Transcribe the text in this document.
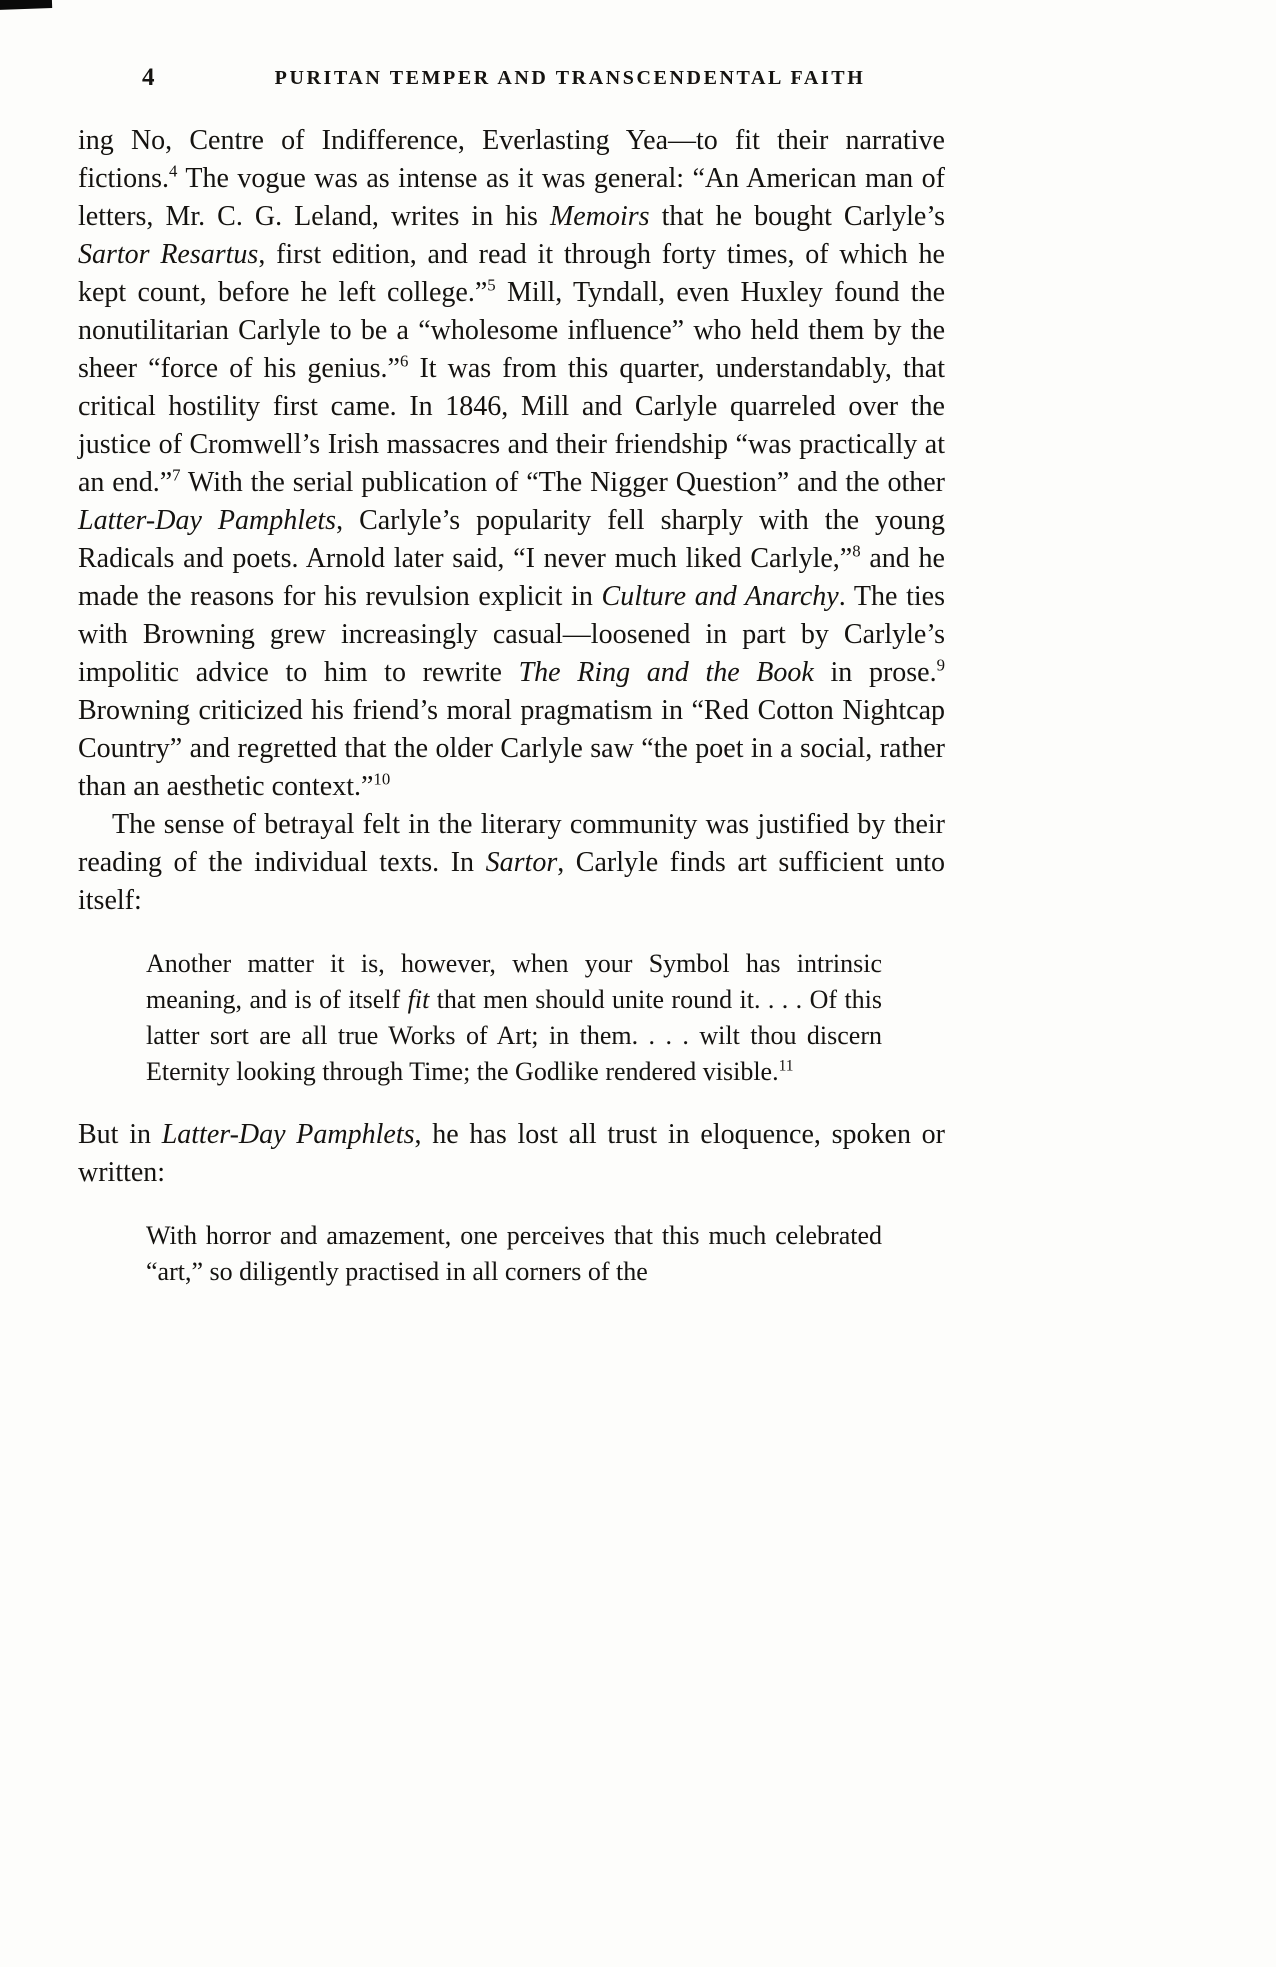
4	PURITAN TEMPER AND TRANSCENDENTAL FAITH

ing No, Centre of Indifference, Everlasting Yea—to fit their narrative fictions.$^4$ The vogue was as intense as it was general: “An American man of letters, Mr. C. G. Leland, writes in his Memoirs that he bought Carlyle’s Sartor Resartus, first edition, and read it through forty times, of which he kept count, before he left college.”$^5$ Mill, Tyndall, even Huxley found the nonutilitarian Carlyle to be a “wholesome influence” who held them by the sheer “force of his genius.”$^6$ It was from this quarter, understandably, that critical hostility first came. In 1846, Mill and Carlyle quarreled over the justice of Cromwell’s Irish massacres and their friendship “was practically at an end.”$^7$ With the serial publication of “The Nigger Question” and the other Latter-Day Pamphlets, Carlyle’s popularity fell sharply with the young Radicals and poets. Arnold later said, “I never much liked Carlyle,”$^8$ and he made the reasons for his revulsion explicit in Culture and Anarchy. The ties with Browning grew increasingly casual—loosened in part by Carlyle’s impolitic advice to him to rewrite The Ring and the Book in prose.$^9$ Browning criticized his friend’s moral pragmatism in “Red Cotton Nightcap Country” and regretted that the older Carlyle saw “the poet in a social, rather than an aesthetic context.”$^{10}$

The sense of betrayal felt in the literary community was justified by their reading of the individual texts. In Sartor, Carlyle finds art sufficient unto itself:

Another matter it is, however, when your Symbol has intrinsic meaning, and is of itself fit that men should unite round it. . . . Of this latter sort are all true Works of Art; in them. . . . wilt thou discern Eternity looking through Time; the Godlike rendered visible.$^{11}$

But in Latter-Day Pamphlets, he has lost all trust in eloquence, spoken or written:

With horror and amazement, one perceives that this much celebrated “art,” so diligently practised in all corners of the
